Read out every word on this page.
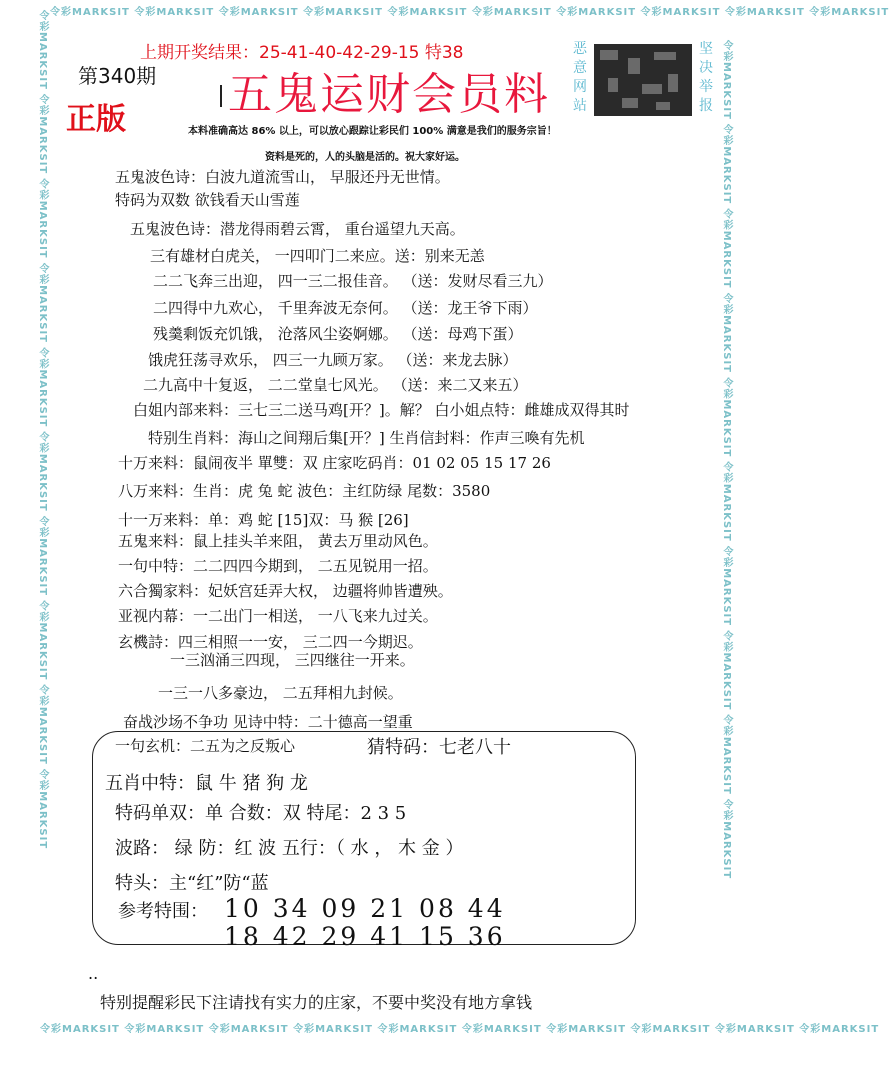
令彩MARKSIT 令彩MARKSIT 令彩MARKSIT 令彩MARKSIT 令彩MARKSIT 令彩MARKSIT 令彩MARKSIT 令彩MARKSIT 令彩MARKSIT 令彩MARKSIT
令彩MARKSIT 令彩MARKSIT 令彩MARKSIT 令彩MARKSIT 令彩MARKSIT 令彩MARKSIT 令彩MARKSIT 令彩MARKSIT 令彩MARKSIT 令彩MARKSIT
令彩MARKSIT 令彩MARKSIT 令彩MARKSIT 令彩MARKSIT 令彩MARKSIT 令彩MARKSIT 令彩MARKSIT 令彩MARKSIT 令彩MARKSIT 令彩MARKSIT	令彩MARKSIT 令彩MARKSIT 令彩MARKSIT 令彩MARKSIT 令彩MARKSIT 令彩MARKSIT 令彩MARKSIT 令彩MARKSIT 令彩MARKSIT 令彩MARKSIT
上期开奖结果：25-41-40-42-29-15 特38
第340期
正版 五鬼运财会员料
恶意网站
坚决举报
本料准确高达 86% 以上，可以放心跟踪让彩民们 100% 满意是我们的服务宗旨！
资料是死的，人的头脑是活的。祝大家好运。
五鬼波色诗：白波九道流雪山， 早服还丹无世情。
特码为双数 欲钱看天山雪莲
五鬼波色诗：潜龙得雨碧云霄， 重台遥望九天高。
三有雄材白虎关， 一四叩门二来应。送：别来无恙
二二飞奔三出迎， 四一三二报佳音。 （送：发财尽看三九）
二四得中九欢心， 千里奔波无奈何。 （送：龙王爷下雨）
残羹剩饭充饥饿， 沧落风尘姿婀娜。 （送：母鸡下蛋）
饿虎狂荡寻欢乐， 四三一九顾万家。 （送：来龙去脉）
二九高中十复返， 二二堂皇七风光。 （送：来二又来五）
白姐内部来料：三七三二送马鸡[开？]。解？ 白小姐点特：雌雄成双得其时
特别生肖料：海山之间翔后集[开？] 生肖信封料：作声三喚有先机
十万来料：鼠闹夜半 單雙：双 庄家吃码肖：01 02 05 15 17 26
八万来料：生肖：虎 兔 蛇 波色：主红防绿 尾数：3580
十一万来料：单：鸡 蛇 [15]双：马 猴 [26]
五鬼来料：鼠上挂头羊来阻， 黄去万里动风色。
一句中特：二二四四今期到， 二五见锐用一招。
六合獨家料：妃妖宫廷弄大权， 边疆将帅皆遭殃。
亚视内幕：一二出门一相送， 一八飞来九过关。
玄機詩：四三相照一一安， 三二四一今期迟。
一三汹涌三四现， 三四继往一开来。
一三一八多豪边， 二五拜相九封候。
奋战沙场不争功 见诗中特：二十德高一望重
一句玄机：二五为之反叛心	猜特码：七老八十
五肖中特：鼠 牛 猪 狗 龙
特码单双：单 合数：双 特尾：2 3 5
波路： 绿 防：红 波 五行：（ 水 ， 木 金 ）
特头：主“红”防“蓝
参考特围： 10 34 09 21 08 44
18 42 29 41 15 36
..
特别提醒彩民下注请找有实力的庄家，不要中奖没有地方拿钱
